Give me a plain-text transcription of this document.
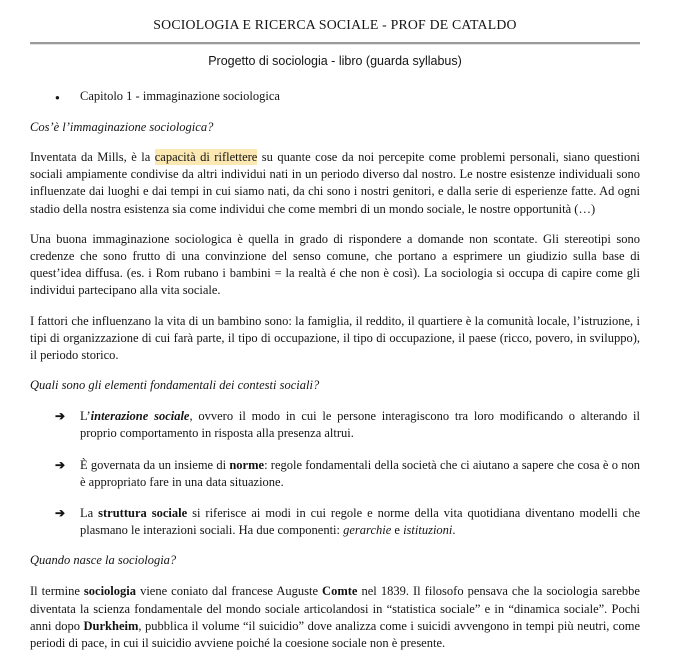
SOCIOLOGIA E RICERCA SOCIALE - PROF DE CATALDO

Progetto di sociologia - libro (guarda syllabus)

●	Capitolo 1 - immaginazione sociologica

Cos’è l’immaginazione sociologica?

Inventata da Mills, è la capacità di riflettere su quante cose da noi percepite come problemi personali, siano questioni sociali ampiamente condivise da altri individui nati in un periodo diverso dal nostro. Le nostre esistenze individuali sono influenzate dai luoghi e dai tempi in cui siamo nati, da chi sono i nostri genitori, e dalla serie di esperienze fatte. Ad ogni stadio della nostra esistenza sia come individui che come membri di un mondo sociale, le nostre opportunità (…)

Una buona immaginazione sociologica è quella in grado di rispondere a domande non scontate. Gli stereotipi sono credenze che sono frutto di una convinzione del senso comune, che portano a esprimere un giudizio sulla base di quest’idea diffusa. (es. i Rom rubano i bambini = la realtà é che non è così). La sociologia si occupa di capire come gli individui partecipano alla vita sociale.

I fattori che influenzano la vita di un bambino sono: la famiglia, il reddito, il quartiere è la comunità locale, l’istruzione, i tipi di organizzazione di cui farà parte, il tipo di occupazione, il tipo di occupazione, il paese (ricco, povero, in sviluppo), il periodo storico.

Quali sono gli elementi fondamentali dei contesti sociali?

➔	L’interazione sociale, ovvero il modo in cui le persone interagiscono tra loro modificando o alterando il proprio comportamento in risposta alla presenza altrui.

➔	È governata da un insieme di norme: regole fondamentali della società che ci aiutano a sapere che cosa è o non è appropriato fare in una data situazione.

➔	La struttura sociale si riferisce ai modi in cui regole e norme della vita quotidiana diventano modelli che plasmano le interazioni sociali. Ha due componenti: gerarchie e istituzioni.

Quando nasce la sociologia?

Il termine sociologia viene coniato dal francese Auguste Comte nel 1839. Il filosofo pensava che la sociologia sarebbe diventata la scienza fondamentale del mondo sociale articolandosi in “statistica sociale” e in “dinamica sociale”. Pochi anni dopo Durkheim, pubblica il volume “il suicidio” dove analizza come i suicidi avvengono in tempi più neutri, come periodi di pace, in cui il suicidio avviene poiché la coesione sociale non è presente.
